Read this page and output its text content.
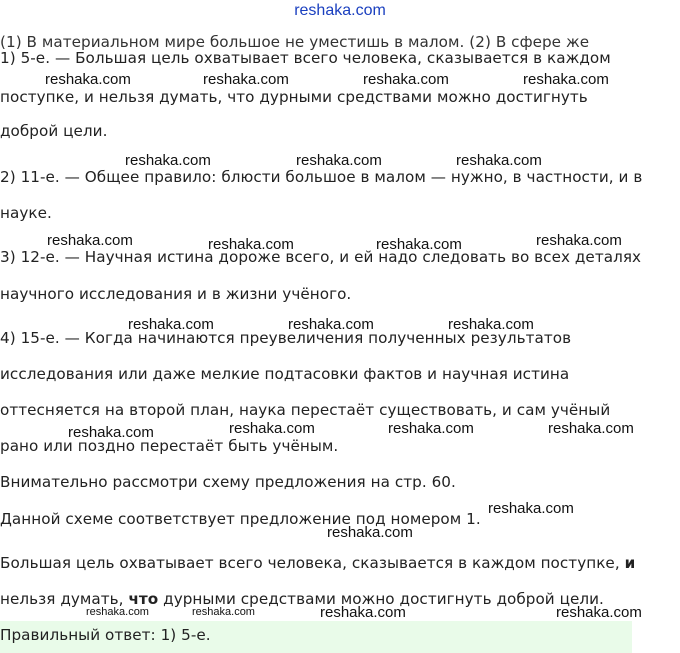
reshaka.com
(1) В материальном мире большое не уместишь в малом. (2) В сфере же
1) 5-е. — Большая цель охватывает всего человека, сказывается в каждом
поступке, и нельзя думать, что дурными средствами можно достигнуть
доброй цели.
2) 11-е. — Общее правило: блюсти большое в малом — нужно, в частности, и в
науке.
3) 12-е. — Научная истина дороже всего, и ей надо следовать во всех деталях
научного исследования и в жизни учёного.
4) 15-е. — Когда начинаются преувеличения полученных результатов
исследования или даже мелкие подтасовки фактов и научная истина
оттесняется на второй план, наука перестаёт существовать, и сам учёный
рано или поздно перестаёт быть учёным.
Внимательно рассмотри схему предложения на стр. 60.
Данной схеме соответствует предложение под номером 1.
Большая цель охватывает всего человека, сказывается в каждом поступке, и
нельзя думать, что дурными средствами можно достигнуть доброй цели.
Правильный ответ: 1) 5-е.
reshaka.com	reshaka.com	reshaka.com	reshaka.com
reshaka.com	reshaka.com	reshaka.com
reshaka.com	reshaka.com	reshaka.com	reshaka.com
reshaka.com	reshaka.com	reshaka.com
reshaka.com	reshaka.com	reshaka.com	reshaka.com
reshaka.com
reshaka.com
reshaka.com	reshaka.com	reshaka.com	reshaka.com
